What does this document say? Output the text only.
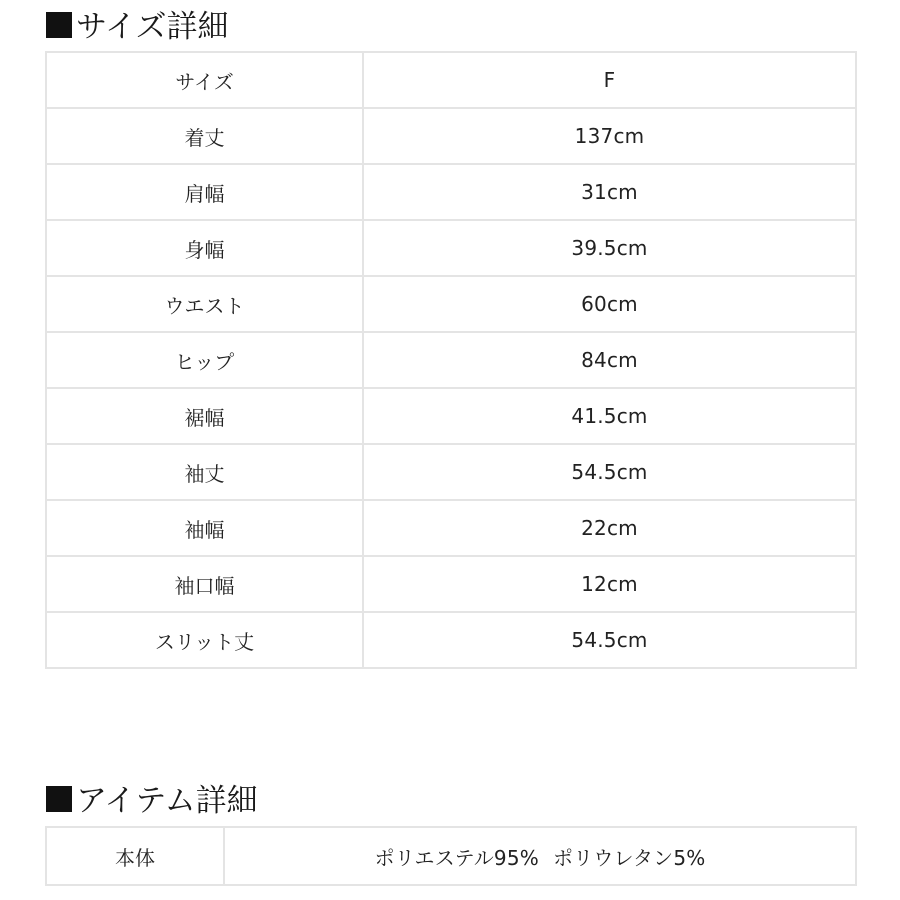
サイズ詳細
サイズ	F
着丈	137cm
肩幅	31cm
身幅	39.5cm
ウエスト	60cm
ヒップ	84cm
裾幅	41.5cm
袖丈	54.5cm
袖幅	22cm
袖口幅	12cm
スリット丈	54.5cm
アイテム詳細
本体	ポリエステル95% ポリウレタン5%
